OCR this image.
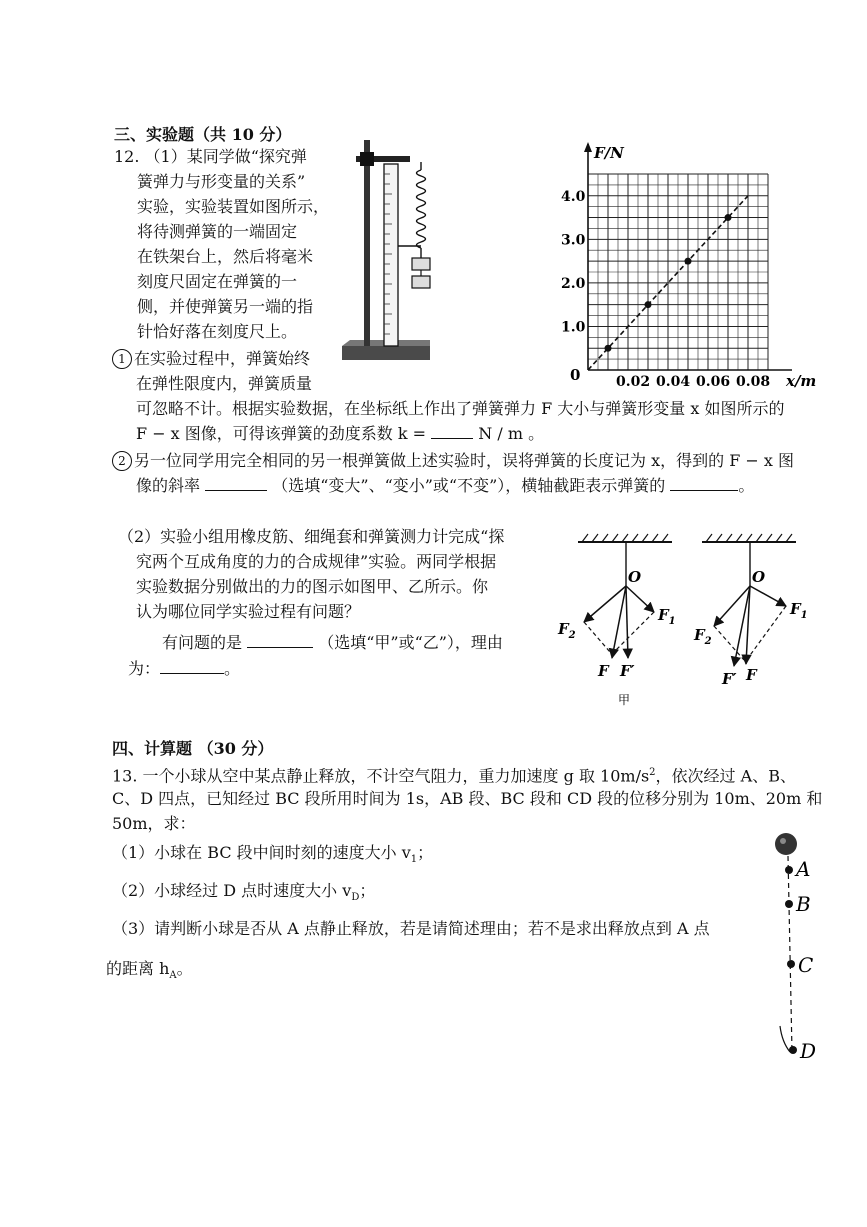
三、实验题（共 10 分）
12. （1）某同学做“探究弹
簧弹力与形变量的关系”
实验，实验装置如图所示，
将待测弹簧的一端固定
在铁架台上，然后将毫米
刻度尺固定在弹簧的一
侧，并使弹簧另一端的指
针恰好落在刻度尺上。
1 在实验过程中，弹簧始终
在弹性限度内，弹簧质量
可忽略不计。根据实验数据，在坐标纸上作出了弹簧弹力 F 大小与弹簧形变量 x 如图所示的
F − x 图像，可得该弹簧的劲度系数 k =	N / m 。
2 另一位同学用完全相同的另一根弹簧做上述实验时，误将弹簧的长度记为 x，得到的 F − x 图
像的斜率	（选填“变大”、“变小”或“不变”），横轴截距表示弹簧的	。
（2）实验小组用橡皮筋、细绳套和弹簧测力计完成“探
究两个互成角度的力的合成规律”实验。两同学根据
实验数据分别做出的力的图示如图甲、乙所示。你
认为哪位同学实验过程有问题？
有问题的是	（选填“甲”或“乙”），理由
为：	。
0.02 0.04 0.06 0.08
1.0
2.0
3.0
4.0
F/N
x/m
0
O
$F_1$
$F_2$
F F′
甲
O
$F_1$
$F_2$
F′ F
四、计算题 （30 分）
13. 一个小球从空中某点静止释放，不计空气阻力，重力加速度 g 取 $10m/s^2$，依次经过 A、B、
C、D 四点，已知经过 BC 段所用时间为 1s，AB 段、BC 段和 CD 段的位移分别为 10m、20m 和
50m，求：
（1）小球在 BC 段中间时刻的速度大小 $v_1$；
（2）小球经过 D 点时速度大小 $v_D$；
（3）请判断小球是否从 A 点静止释放，若是请简述理由；若不是求出释放点到 A 点
的距离 $h_A$。
A
B
C
D
